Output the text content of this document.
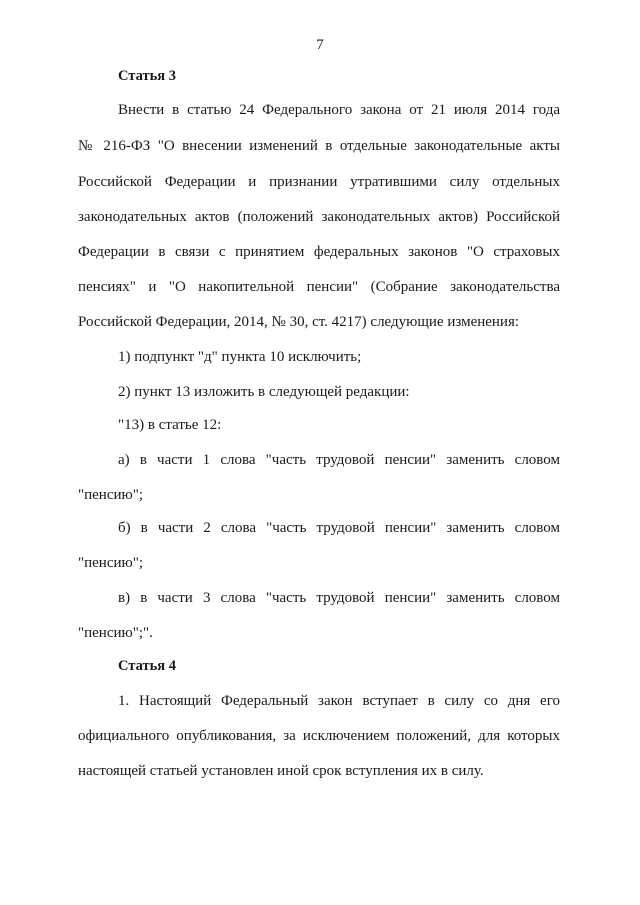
7
Статья 3
Внести в статью 24 Федерального закона от 21 июля 2014 года
№ 216-ФЗ "О внесении изменений в отдельные законодательные акты
Российской Федерации и признании утратившими силу отдельных
законодательных актов (положений законодательных актов) Российской
Федерации в связи с принятием федеральных законов "О страховых
пенсиях" и "О накопительной пенсии" (Собрание законодательства
Российской Федерации, 2014, № 30, ст. 4217) следующие изменения:
1) подпункт "д" пункта 10 исключить;
2) пункт 13 изложить в следующей редакции:
"13) в статье 12:
а) в части 1 слова "часть трудовой пенсии" заменить словом
"пенсию";
б) в части 2 слова "часть трудовой пенсии" заменить словом
"пенсию";
в) в части 3 слова "часть трудовой пенсии" заменить словом
"пенсию";".
Статья 4
1. Настоящий Федеральный закон вступает в силу со дня его
официального опубликования, за исключением положений, для которых
настоящей статьей установлен иной срок вступления их в силу.
